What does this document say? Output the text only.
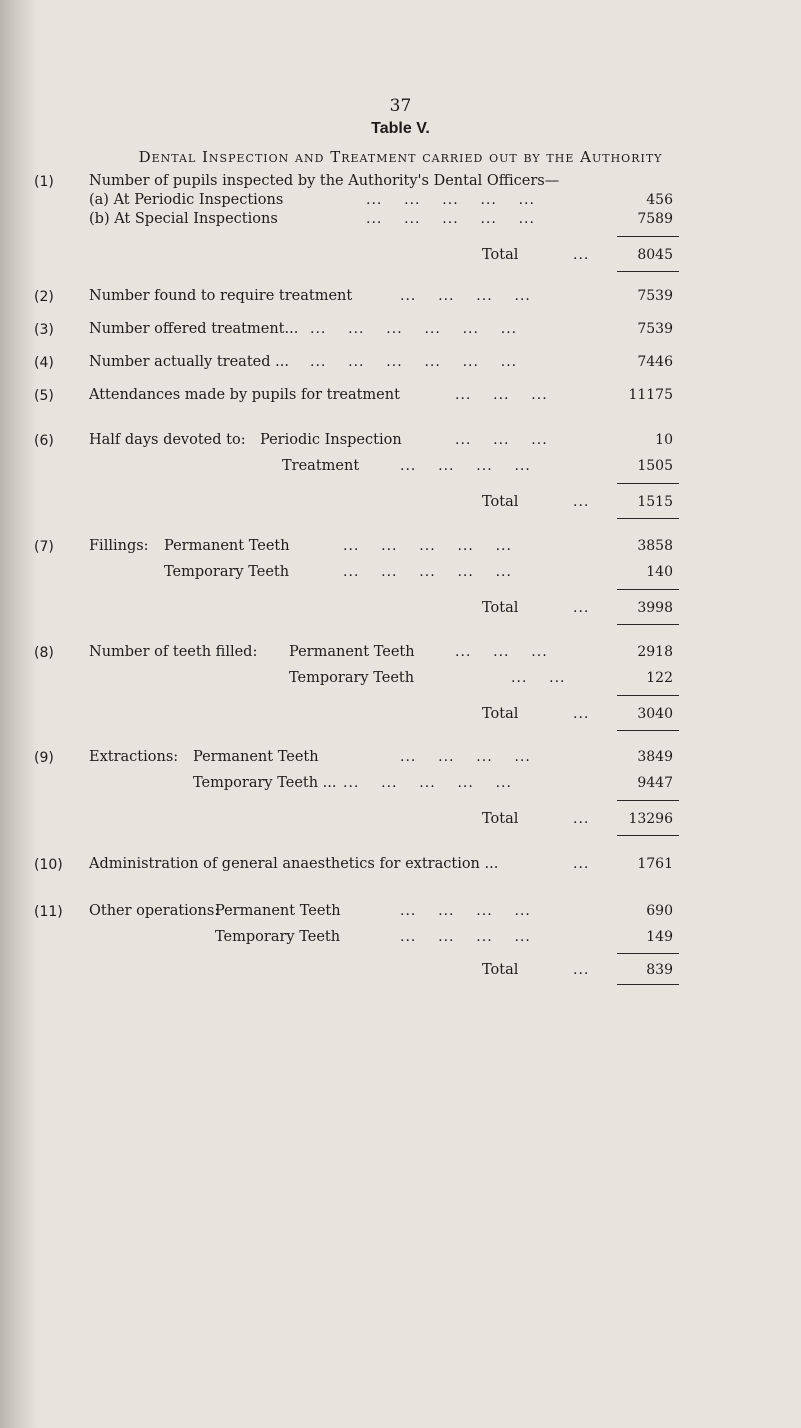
37
Table V.
Dental Inspection and Treatment carried out by the Authority
(1) Number of pupils inspected by the Authority's Dental Officers—
(a) At Periodic Inspections	...    ...    ...    ...    ...	456
(b) At Special Inspections	...    ...    ...    ...    ...	7589
Total	...	8045
(2) Number found to require treatment	...    ...    ...    ...	7539
(3) Number offered treatment... ...    ...    ...    ...    ...    ...	7539
(4) Number actually treated ... ...    ...    ...    ...    ...    ...	7446
(5) Attendances made by pupils for treatment	...    ...    ...	11175
(6) Half days devoted to: Periodic Inspection	...    ...    ...	10
Treatment	...    ...    ...    ...	1505
Total	...	1515
(7) Fillings: Permanent Teeth	...    ...    ...    ...    ...	3858
Temporary Teeth	...    ...    ...    ...    ...	140
Total	...	3998
(8) Number of teeth filled: Permanent Teeth	...    ...    ...	2918
Temporary Teeth	...    ...	122
Total	...	3040
(9) Extractions: Permanent Teeth	...    ...    ...    ...	3849
Temporary Teeth ... ...    ...    ...    ...    ...	9447
Total	...	13296
(10) Administration of general anaesthetics for extraction ...	...	1761
(11) Other operations:
Permanent Teeth	...    ...    ...    ...	690
Temporary Teeth	...    ...    ...    ...	149
Total	...	839
